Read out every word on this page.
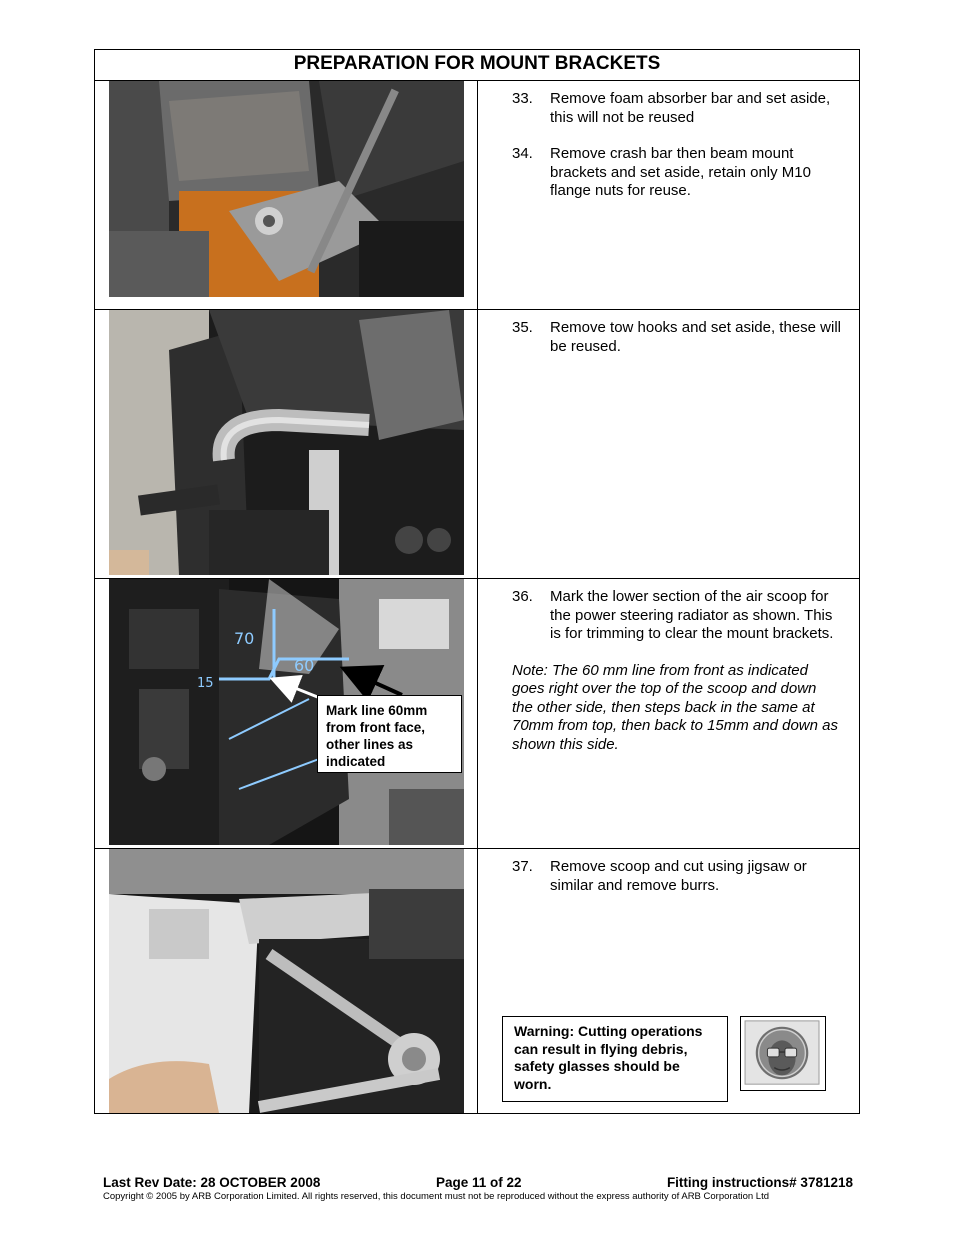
PREPARATION FOR MOUNT BRACKETS
33. Remove foam absorber bar and set aside, this will not be reused
34. Remove crash bar then beam mount brackets and set aside, retain only M10 flange nuts for reuse.
35. Remove tow hooks and set aside, these will be reused.
70
60
15
36. Mark the lower section of the air scoop for the power steering radiator as shown. This is for trimming to clear the mount brackets.
Note: The 60 mm line from front as indicated goes right over the top of the scoop and down the other side, then steps back in the same at 70mm from top, then back to 15mm and down as shown this side.
37. Remove scoop and cut using jigsaw or similar and remove burrs.
Mark line 60mm from front face, other lines as indicated
Warning: Cutting operations can result in flying debris, safety glasses should be worn.
Last Rev Date: 28 OCTOBER 2008	Page 11 of 22	Fitting instructions# 3781218
Copyright © 2005 by ARB Corporation Limited. All rights reserved, this document must not be reproduced without the express authority of ARB Corporation Ltd
